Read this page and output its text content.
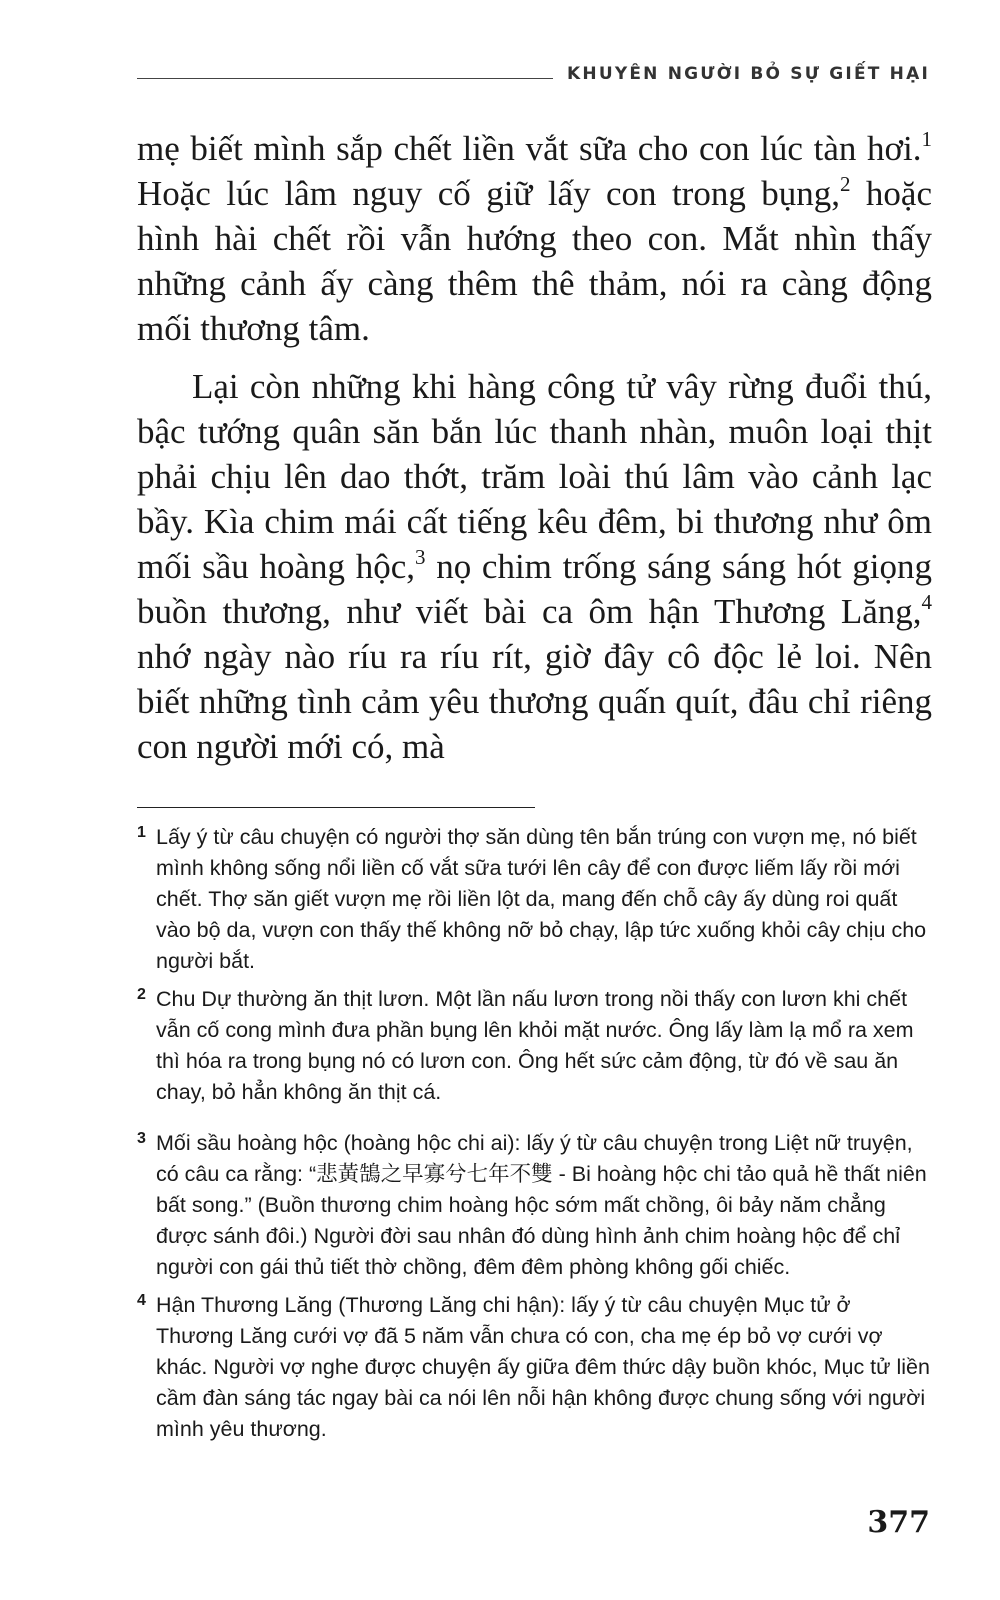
KHUYÊN NGƯỜI BỎ SỰ GIẾT HẠI

mẹ biết mình sắp chết liền vắt sữa cho con lúc tàn hơi.$^1$ Hoặc lúc lâm nguy cố giữ lấy con trong bụng,$^2$ hoặc hình hài chết rồi vẫn hướng theo con. Mắt nhìn thấy những cảnh ấy càng thêm thê thảm, nói ra càng động mối thương tâm.

Lại còn những khi hàng công tử vây rừng đuổi thú, bậc tướng quân săn bắn lúc thanh nhàn, muôn loại thịt phải chịu lên dao thớt, trăm loài thú lâm vào cảnh lạc bầy. Kìa chim mái cất tiếng kêu đêm, bi thương như ôm mối sầu hoàng hộc,$^3$ nọ chim trống sáng sáng hót giọng buồn thương, như viết bài ca ôm hận Thương Lăng,$^4$ nhớ ngày nào ríu ra ríu rít, giờ đây cô độc lẻ loi. Nên biết những tình cảm yêu thương quấn quít, đâu chỉ riêng con người mới có, mà

1 Lấy ý từ câu chuyện có người thợ săn dùng tên bắn trúng con vượn mẹ, nó biết mình không sống nổi liền cố vắt sữa tưới lên cây để con được liếm lấy rồi mới chết. Thợ săn giết vượn mẹ rồi liền lột da, mang đến chỗ cây ấy dùng roi quất vào bộ da, vượn con thấy thế không nỡ bỏ chạy, lập tức xuống khỏi cây chịu cho người bắt.
2 Chu Dự thường ăn thịt lươn. Một lần nấu lươn trong nồi thấy con lươn khi chết vẫn cố cong mình đưa phần bụng lên khỏi mặt nước. Ông lấy làm lạ mổ ra xem thì hóa ra trong bụng nó có lươn con. Ông hết sức cảm động, từ đó về sau ăn chay, bỏ hẳn không ăn thịt cá.
3 Mối sầu hoàng hộc (hoàng hộc chi ai): lấy ý từ câu chuyện trong Liệt nữ truyện, có câu ca rằng: “悲黃鵠之早寡兮七年不雙 - Bi hoàng hộc chi tảo quả hề thất niên bất song.” (Buồn thương chim hoàng hộc sớm mất chồng, ôi bảy năm chẳng được sánh đôi.) Người đời sau nhân đó dùng hình ảnh chim hoàng hộc để chỉ người con gái thủ tiết thờ chồng, đêm đêm phòng không gối chiếc.
4 Hận Thương Lăng (Thương Lăng chi hận): lấy ý từ câu chuyện Mục tử ở Thương Lăng cưới vợ đã 5 năm vẫn chưa có con, cha mẹ ép bỏ vợ cưới vợ khác. Người vợ nghe được chuyện ấy giữa đêm thức dậy buồn khóc, Mục tử liền cầm đàn sáng tác ngay bài ca nói lên nỗi hận không được chung sống với người mình yêu thương.
377
